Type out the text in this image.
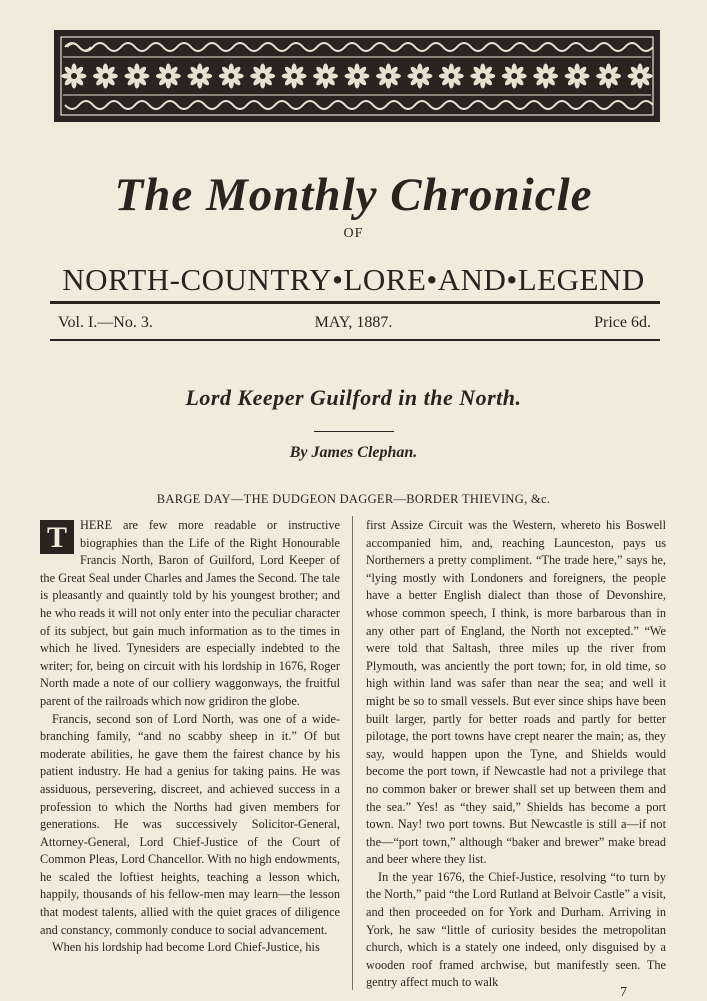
The Monthly Chronicle
OF
NORTH-COUNTRY•LORE•AND•LEGEND
Vol. I.—No. 3.	MAY, 1887.	Price 6d.
Lord Keeper Guilford in the North.
By James Clephan.
BARGE DAY—THE DUDGEON DAGGER—BORDER THIEVING, &c.

T	HERE are few more readable or instructive biographies than the Life of the Right Honourable Francis North, Baron of Guilford, Lord Keeper of the Great Seal under Charles and James the Second. The tale is pleasantly and quaintly told by his youngest brother; and he who reads it will not only enter into the peculiar character of its subject, but gain much information as to the times in which he lived. Tynesiders are especially indebted to the writer; for, being on circuit with his lordship in 1676, Roger North made a note of our colliery waggonways, the fruitful parent of the railroads which now gridiron the globe.

Francis, second son of Lord North, was one of a wide-branching family, “and no scabby sheep in it.” Of but moderate abilities, he gave them the fairest chance by his patient industry. He had a genius for taking pains. He was assiduous, persevering, discreet, and achieved success in a profession to which the Norths had given members for generations. He was successively Solicitor-General, Attorney-General, Lord Chief-Justice of the Court of Common Pleas, Lord Chancellor. With no high endowments, he scaled the loftiest heights, teaching a lesson which, happily, thousands of his fellow-men may learn—the lesson that modest talents, allied with the quiet graces of diligence and constancy, commonly conduce to social advancement.

When his lordship had become Lord Chief-Justice, his

first Assize Circuit was the Western, whereto his Boswell accompanied him, and, reaching Launceston, pays us Northerners a pretty compliment. “The trade here,” says he, “lying mostly with Londoners and foreigners, the people have a better English dialect than those of Devonshire, whose common speech, I think, is more barbarous than in any other part of England, the North not excepted.” “We were told that Saltash, three miles up the river from Plymouth, was anciently the port town; for, in old time, so high within land was safer than near the sea; and well it might be so to small vessels. But ever since ships have been built larger, partly for better roads and partly for better pilotage, the port towns have crept nearer the main; as, they say, would happen upon the Tyne, and Shields would become the port town, if Newcastle had not a privilege that no common baker or brewer shall set up between them and the sea.” Yes! as “they said,” Shields has become a port town. Nay! two port towns. But Newcastle is still a—if not the—“port town,” although “baker and brewer” make bread and beer where they list.

In the year 1676, the Chief-Justice, resolving “to turn by the North,” paid “the Lord Rutland at Belvoir Castle” a visit, and then proceeded on for York and Durham. Arriving in York, he saw “little of curiosity besides the metropolitan church, which is a stately one indeed, only disguised by a wooden roof framed archwise, but manifestly seen. The gentry affect much to walk

7
